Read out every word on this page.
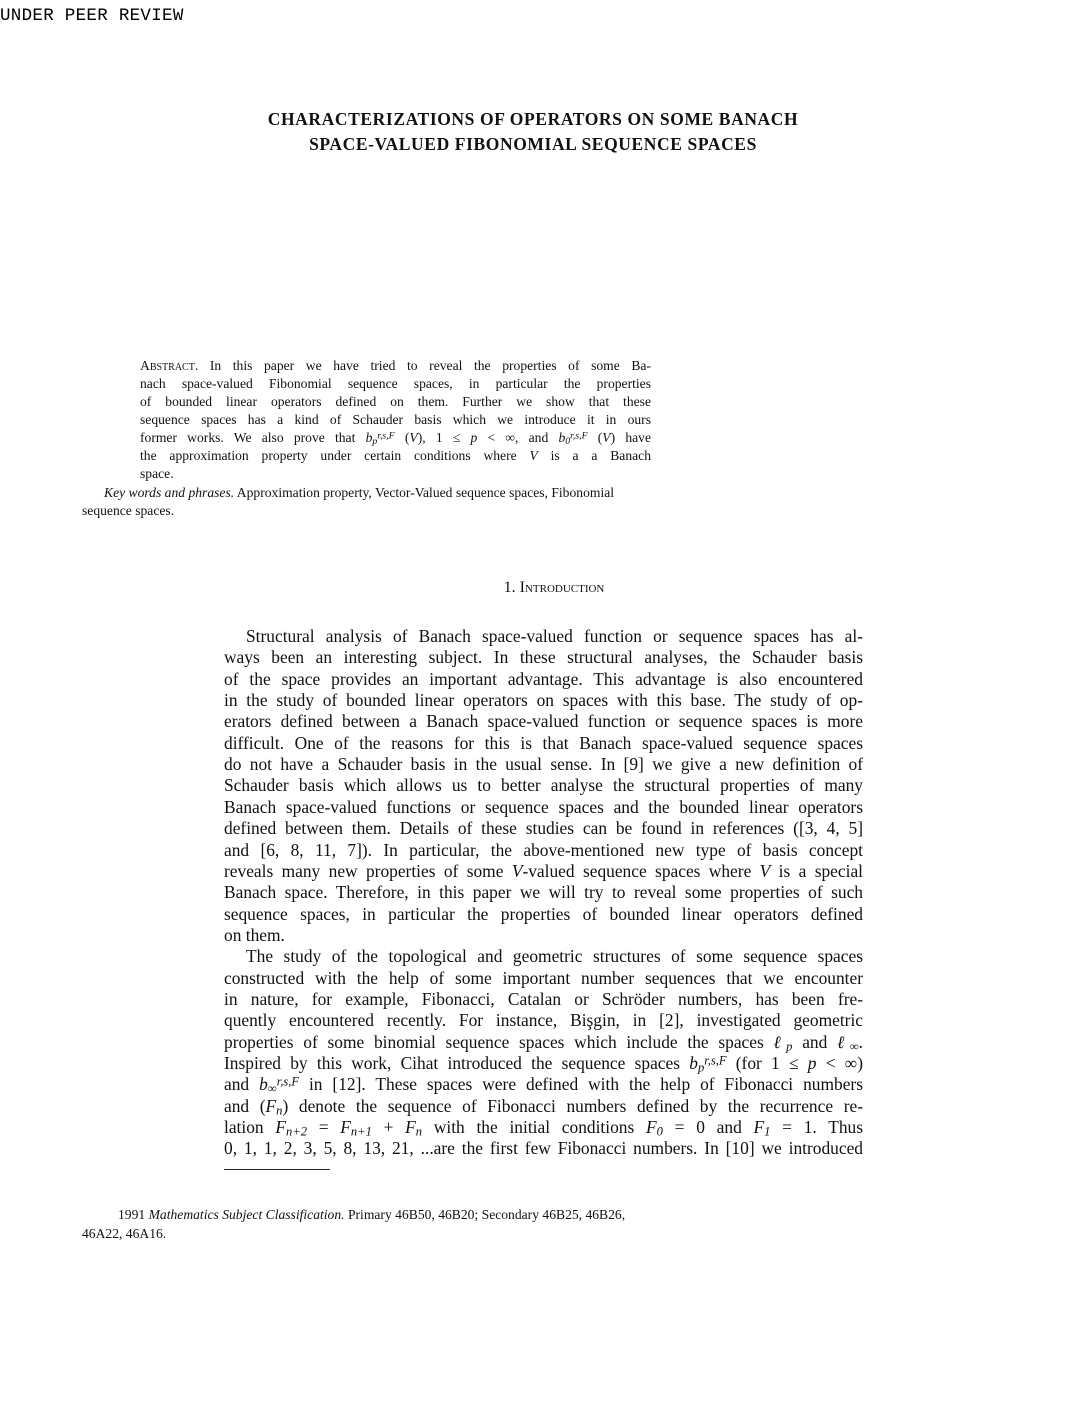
UNDER PEER REVIEW
CHARACTERIZATIONS OF OPERATORS ON SOME BANACH
SPACE-VALUED FIBONOMIAL SEQUENCE SPACES
Abstract. In this paper we have tried to reveal the properties of some Ba-
nach space-valued Fibonomial sequence spaces, in particular the properties
of bounded linear operators defined on them. Further we show that these
sequence spaces has a kind of Schauder basis which we introduce it in ours
former works. We also prove that $bp^{r,s,F}$ (V), 1 ≤ p < ∞, and $b0^{r,s,F}$ (V) have
the approximation property under certain conditions where V is a a Banach
space.
Key words and phrases. Approximation property, Vector-Valued sequence spaces, Fibonomial
sequence spaces.
1. Introduction
Structural analysis of Banach space-valued function or sequence spaces has al-
ways been an interesting subject. In these structural analyses, the Schauder basis
of the space provides an important advantage. This advantage is also encountered
in the study of bounded linear operators on spaces with this base. The study of op-
erators defined between a Banach space-valued function or sequence spaces is more
difficult. One of the reasons for this is that Banach space-valued sequence spaces
do not have a Schauder basis in the usual sense. In [9] we give a new definition of
Schauder basis which allows us to better analyse the structural properties of many
Banach space-valued functions or sequence spaces and the bounded linear operators
defined between them. Details of these studies can be found in references ([3, 4, 5]
and [6, 8, 11, 7]). In particular, the above-mentioned new type of basis concept
reveals many new properties of some V-valued sequence spaces where V is a special
Banach space. Therefore, in this paper we will try to reveal some properties of such
sequence spaces, in particular the properties of bounded linear operators defined
on them.
The study of the topological and geometric structures of some sequence spaces
constructed with the help of some important number sequences that we encounter
in nature, for example, Fibonacci, Catalan or Schröder numbers, has been fre-
quently encountered recently. For instance, Bişgin, in [2], investigated geometric
properties of some binomial sequence spaces which include the spaces ℓp and ℓ∞.
Inspired by this work, Cihat introduced the sequence spaces $bp^{r,s,F}$ (for 1 ≤ p < ∞)
and b∞$^{r,s,F}$ in [12]. These spaces were defined with the help of Fibonacci numbers
and (Fn) denote the sequence of Fibonacci numbers defined by the recurrence re-
lation Fn+2 = Fn+1 + Fn with the initial conditions F0 = 0 and F1 = 1. Thus
0, 1, 1, 2, 3, 5, 8, 13, 21, ...are the first few Fibonacci numbers. In [10] we introduced
1991 Mathematics Subject Classification. Primary 46B50, 46B20; Secondary 46B25, 46B26,
46A22, 46A16.
